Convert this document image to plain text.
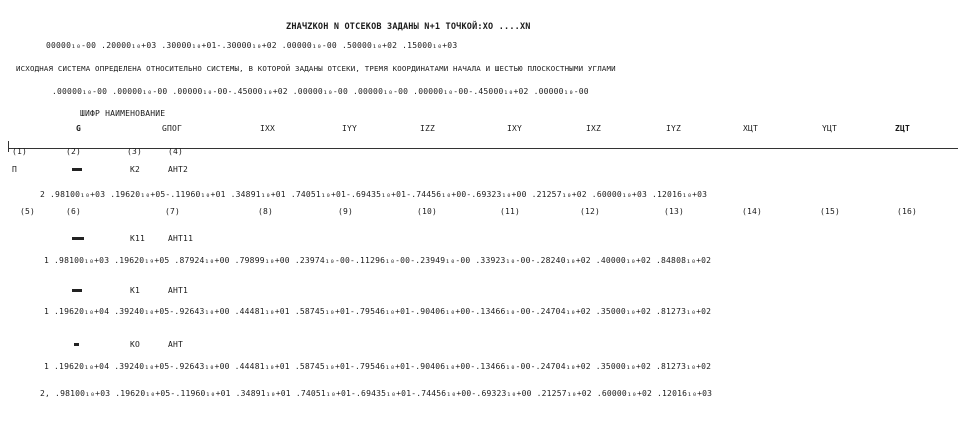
ZНАЧZКОН N ОТСЕКОВ ЗАДАНЫ N+1 ТОЧКОЙ:XO ....XN
00000₁₀-00 .20000₁₀+03 .30000₁₀+01-.30000₁₀+02 .00000₁₀-00 .50000₁₀+02 .15000₁₀+03
ИСХОДНАЯ СИСТЕМА ОПРЕДЕЛЕНА ОТНОСИТЕЛЬНО СИСТЕМЫ, В КОТОРОЙ ЗАДАНЫ ОТСЕКИ, ТРЕМЯ КООРДИНАТАМИ НАЧАЛА И ШЕСТЬЮ ПЛОСКОСТНЫМИ УГЛАМИ
.00000₁₀-00 .00000₁₀-00 .00000₁₀-00-.45000₁₀+02 .00000₁₀-00 .00000₁₀-00 .00000₁₀-00-.45000₁₀+02 .00000₁₀-00
ШИФР НАИМЕНОВАНИЕ
G	GПОГ	IXX	IYY	IZZ	IXY	IXZ	IYZ	XЦТ	YЦТ	ZЦТ
(1)	(2)	(3)	(4)
П	K2	АНТ2
2 .98100₁₀+03 .19620₁₀+05-.11960₁₀+01 .34891₁₀+01 .74051₁₀+01-.69435₁₀+01-.74456₁₀+00-.69323₁₀+00 .21257₁₀+02 .60000₁₀+03 .12016₁₀+03
(5)	(6)	(7)	(8)	(9)	(10)	(11)	(12)	(13)	(14)	(15)	(16)
K11	АНТ11
1 .98100₁₀+03 .19620₁₉+05 .87924₁₀+00 .79899₁₀+00 .23974₁₀-00-.11296₁₀-00-.23949₁₀-00 .33923₁₀-00-.28240₁₀+02 .40000₁₀+02 .84808₁₀+02
K1	АНТ1
1 .19620₁₀+04 .39240₁₀+05-.92643₁₀+00 .44481₁₀+01 .58745₁₀+01-.79546₁₀+01-.90406₁₀+00-.13466₁₀-00-.24704₁₀+02 .35000₁₀+02 .81273₁₀+02
KO	АНТ
1 .19620₁₀+04 .39240₁₀+05-.92643₁₀+00 .44481₁₀+01 .58745₁₀+01-.79546₁₀+01-.90406₁₀+00-.13466₁₀-00-.24704₁₀+02 .35000₁₀+02 .81273₁₀+02
2, .98100₁₀+03 .19620₁₀+05-.11960₁₀+01 .34891₁₀+01 .74051₁₀+01-.69435₁₀+01-.74456₁₀+00-.69323₁₀+00 .21257₁₀+02 .60000₁₀+02 .12016₁₀+03
